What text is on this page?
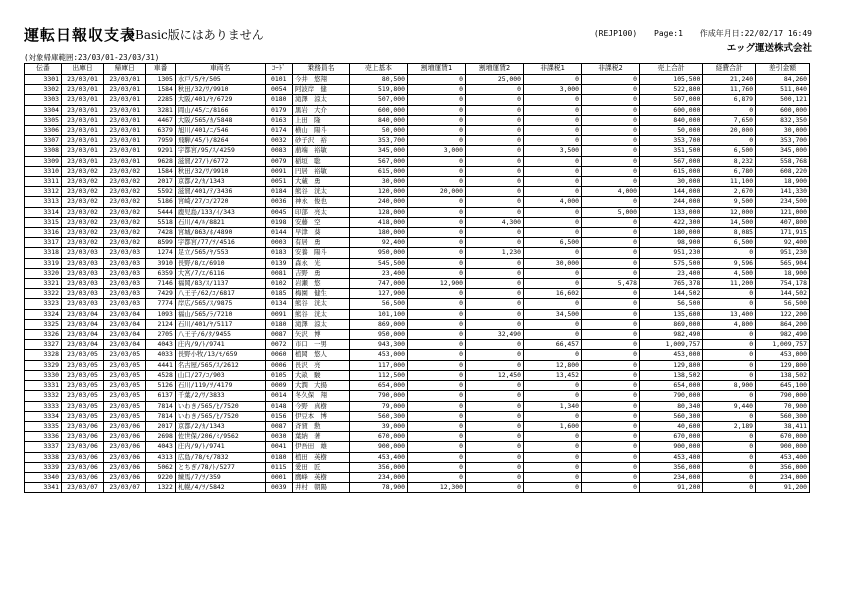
運転日報収支表
※Basic版にはありません	(REJP100) Page:1 作成年月日:22/02/17 16:49
エッグ運送株式会社
(対象帰庫範囲:23/03/01-23/03/31)
伝番	出庫日	帰庫日	車番	車両名	ｺｰﾄﾞ	乗務員名	売上基本	割増運賃1	割増運賃2	非課税1	非課税2	売上合計	経費合計	差引金額
3301	23/03/01	23/03/01	1305	水戸/5/ﾔ/505	0101	今井　悠翔	80,500	0	25,000	0	0	105,500	21,240	84,260
3302	23/03/01	23/03/01	1584	秋田/32/ﾜ/9910	0054	阿波岸　健	519,800	0	0	3,000	0	522,800	11,760	511,040
3303	23/03/01	23/03/01	2285	大阪/401/ﾔ/6729	0180	滝澤　涼太	507,000	0	0	0	0	507,000	6,879	500,121
3304	23/03/01	23/03/01	3281	岡山/45/ﾆ/8166	0179	黒岩　大介	600,000	0	0	0	0	600,000	0	600,000
3305	23/03/01	23/03/01	4467	大阪/565/ｶ/5848	0163	上田　隆	840,000	0	0	0	0	840,000	7,650	832,350
3306	23/03/01	23/03/01	6379	旭川/401/ﾆ/546	0174	横山　陽斗	50,000	0	0	0	0	50,000	20,000	30,000
3307	23/03/01	23/03/01	7959	飛騨/45/ﾄ/8264	0032	砂子沢　裕	353,700	0	0	0	0	353,700	0	353,700
3308	23/03/01	23/03/01	9291	宇都宮/95/ｽ/4259	0083	萠端　裕敏	345,000	3,000	0	3,500	0	351,500	6,500	345,000
3309	23/03/01	23/03/01	9628	滋賀/27/ﾄ/6772	0079	稲垣　聡	567,000	0	0	0	0	567,000	8,232	558,768
3310	23/03/02	23/03/02	1584	秋田/32/ﾜ/9910	0091	円居　裕敏	615,000	0	0	0	0	615,000	6,780	608,220
3311	23/03/02	23/03/02	2017	京都/2/ｶ/1343	0051	大蔵　勇	30,000	0	0	0	0	30,000	11,100	18,900
3312	23/03/02	23/03/02	5592	滋賀/401/ﾃ/3436	0184	熊谷　洸太	120,000	20,000	0	0	4,000	144,000	2,670	141,330
3313	23/03/02	23/03/02	5186	宮崎/27/ｺ/2720	0036	神永　俊也	240,000	0	0	4,000	0	244,000	9,500	234,500
3314	23/03/02	23/03/02	5444	鹿児島/133/ｲ/343	0045	印部　亮太	128,000	0	0	0	5,000	133,000	12,000	121,000
3315	23/03/02	23/03/02	5518	石川/4/ﾙ/8821	0198	安藤　空	418,000	0	4,300	0	0	422,300	14,500	407,800
3316	23/03/02	23/03/02	7428	宮城/863/ﾎ/4890	0144	早津　葵	180,000	0	0	0	0	180,000	8,085	171,915
3317	23/03/02	23/03/02	8599	宇都宮/77/ｦ/4516	0003	有居　勇	92,400	0	0	6,500	0	98,900	6,500	92,400
3318	23/03/03	23/03/03	1274	足立/565/ﾔ/553	0183	安養　陽斗	950,000	0	1,230	0	0	951,230	0	951,230
3319	23/03/03	23/03/03	3910	長野/8/ｴ/6910	0139	森永　光	545,500	0	0	30,000	0	575,500	9,596	565,904
3320	23/03/03	23/03/03	6359	大宮/7/ｴ/6116	0081	吉野　勇	23,400	0	0	0	0	23,400	4,500	18,900
3321	23/03/03	23/03/03	7146	福岡/83/ｽ/1137	0102	岩瀬　悠	747,000	12,900	0	0	5,478	765,378	11,200	754,178
3322	23/03/03	23/03/03	7429	八王子/62/ｺ/6817	0185	梅園　健生	127,900	0	0	16,602	0	144,502	0	144,502
3323	23/03/03	23/03/03	7774	岸広/565/ｽ/9875	0134	熊谷　洸太	56,500	0	0	0	0	56,500	0	56,500
3324	23/03/04	23/03/04	1093	福山/565/ﾗ/7210	0091	熊谷　洸太	101,100	0	0	34,500	0	135,600	13,400	122,200
3325	23/03/04	23/03/04	2124	石川/401/ﾔ/5117	0180	滝澤　涼太	869,000	0	0	0	0	869,000	4,800	864,200
3326	23/03/04	23/03/04	2705	八王子/6/ﾀ/9455	0087	矢沢　博	950,000	0	32,490	0	0	982,490	0	982,490
3327	23/03/04	23/03/04	4043	庄内/9/ﾄ/9741	0072	市口　一男	943,300	0	0	66,457	0	1,009,757	0	1,009,757
3328	23/03/05	23/03/05	4033	長野小牧/13/ﾓ/659	0060	植岡　悠人	453,000	0	0	0	0	453,000	0	453,000
3329	23/03/05	23/03/05	4441	名古屋/565/ｽ/2612	0006	長沢　亮	117,000	0	0	12,800	0	129,800	0	129,800
3330	23/03/05	23/03/05	4528	山口/27/ｺ/903	0105	大畝　駿	112,500	0	12,450	13,452	0	138,502	0	138,502
3331	23/03/05	23/03/05	5126	石川/119/ｦ/4179	0009	大潤　大揚	654,000	0	0	0	0	654,000	8,900	645,100
3332	23/03/05	23/03/05	6137	千葉/2/ﾜ/3833	0014	冬久保　翔	790,000	0	0	0	0	790,000	0	790,000
3333	23/03/05	23/03/05	7814	いわき/565/ﾋ/7520	0148	今野　真樹	79,000	0	0	1,340	0	80,340	9,440	70,900
3334	23/03/05	23/03/05	7814	いわき/565/ﾋ/7520	0156	伊豆本　博	560,300	0	0	0	0	560,300	0	560,300
3335	23/03/06	23/03/06	2017	京都/2/ｶ/1343	0087	斉賀　勲	39,000	0	0	1,600	0	40,600	2,189	38,411
3336	23/03/06	23/03/06	2698	佐世保/206/ﾐ/9562	0030	葉納　著	670,000	0	0	0	0	670,000	0	670,000
3337	23/03/06	23/03/06	4043	庄内/9/ﾄ/9741	0041	伊吾田　雄	900,000	0	0	0	0	900,000	0	900,000
3338	23/03/06	23/03/06	4313	広島/78/ﾓ/7832	0180	植田　英樹	453,400	0	0	0	0	453,400	0	453,400
3339	23/03/06	23/03/06	5062	とちぎ/78/ﾄ/5277	0115	愛田　匠	356,000	0	0	0	0	356,000	0	356,000
3340	23/03/06	23/03/06	9220	練馬/7/ｦ/359	0001	鷹峰　英樹	234,000	0	0	0	0	234,000	0	234,000
3341	23/03/07	23/03/07	1322	札幌/4/ｦ/5842	0039	井村　朝陽	78,900	12,300	0	0	0	91,200	0	91,200
